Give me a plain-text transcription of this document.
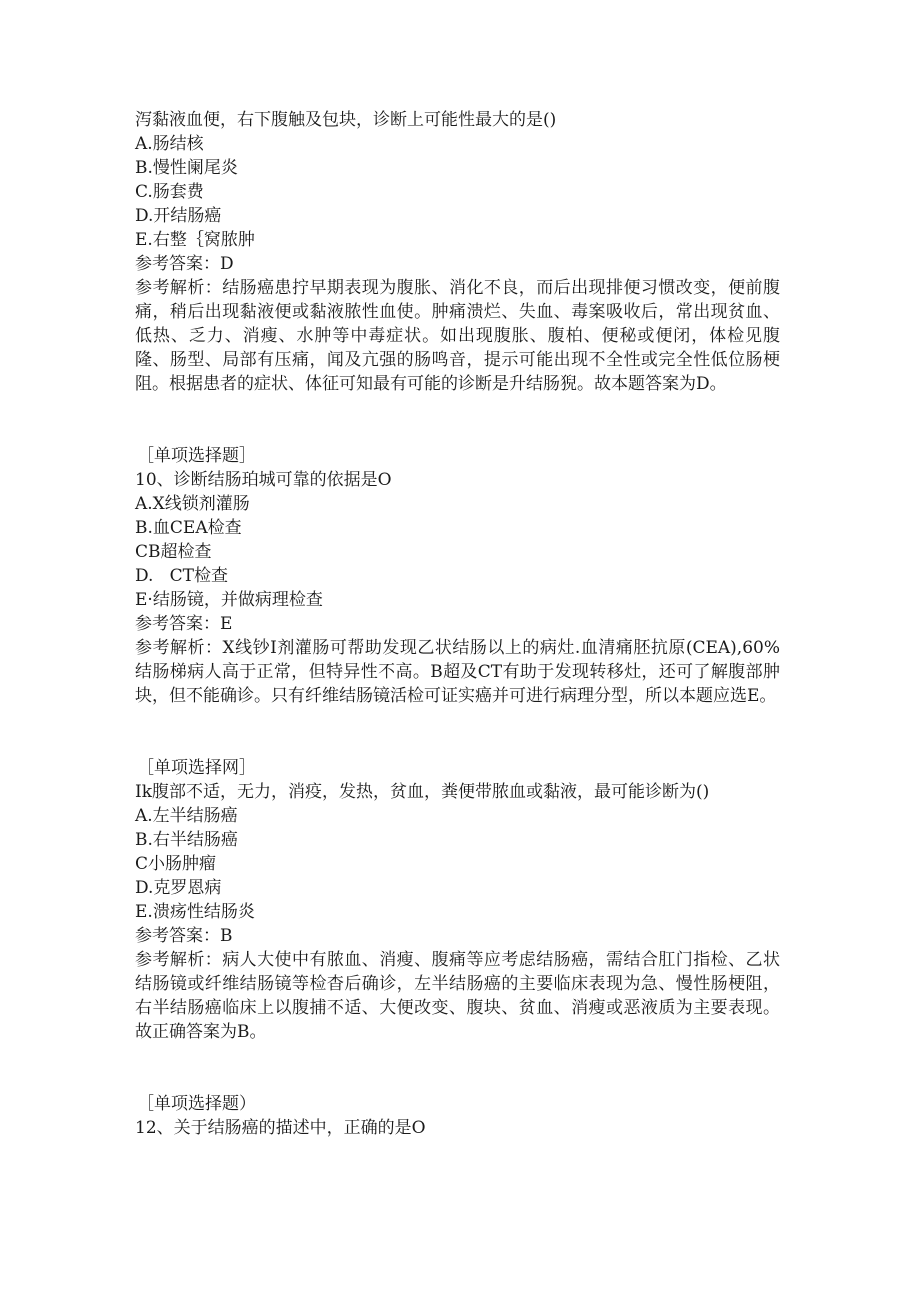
泻黏液血便，右下腹触及包块，诊断上可能性最大的是()
A.肠结核
B.慢性阑尾炎
C.肠套费
D.开结肠癌
E.右整｛窝脓肿
参考答案：D
参考解析：结肠癌患拧早期表现为腹胀、消化不良，而后出现排便习惯改变，便前腹痛，稍后出现黏液便或黏液脓性血使。肿痛溃烂、失血、毒案吸收后，常出现贫血、低热、乏力、消瘦、水肿等中毒症状。如出现腹胀、腹柏、便秘或便闭，体检见腹隆、肠型、局部有压痛，闻及亢强的肠鸣音，提示可能出现不全性或完全性低位肠梗阻。根据患者的症状、体征可知最有可能的诊断是升结肠猊。故本题答案为D。
［单项选择题］
10、诊断结肠珀城可靠的依据是O
A.X线锁剂灌肠
B.血CEA检查
CB超检查
D.   CT检查
E·结肠镜，并做病理检查
参考答案：E
参考解析：X线钞I剂灌肠可帮助发现乙状结肠以上的病灶.血清痛胚抗原(CEA),60%结肠梯病人高于正常，但特异性不高。B超及CT有助于发现转移灶，还可了解腹部肿块，但不能确诊。只有纤维结肠镜活检可证实癌并可进行病理分型，所以本题应选E。
［单项选择网］
Ik腹部不适，无力，消疫，发热，贫血，粪便带脓血或黏液，最可能诊断为()
A.左半结肠癌
B.右半结肠癌
C小肠肿瘤
D.克罗恩病
E.溃疡性结肠炎
参考答案：B
参考解析：病人大使中有脓血、消瘦、腹痛等应考虑结肠癌，需结合肛门指检、乙状结肠镜或纤维结肠镜等检杳后确诊，左半结肠癌的主要临床表现为急、慢性肠梗阻，右半结肠癌临床上以腹捕不适、大便改变、腹块、贫血、消瘦或恶液质为主要表现。故正确答案为B。
［单项选择题）
12、关于结肠癌的描述中，正确的是O
